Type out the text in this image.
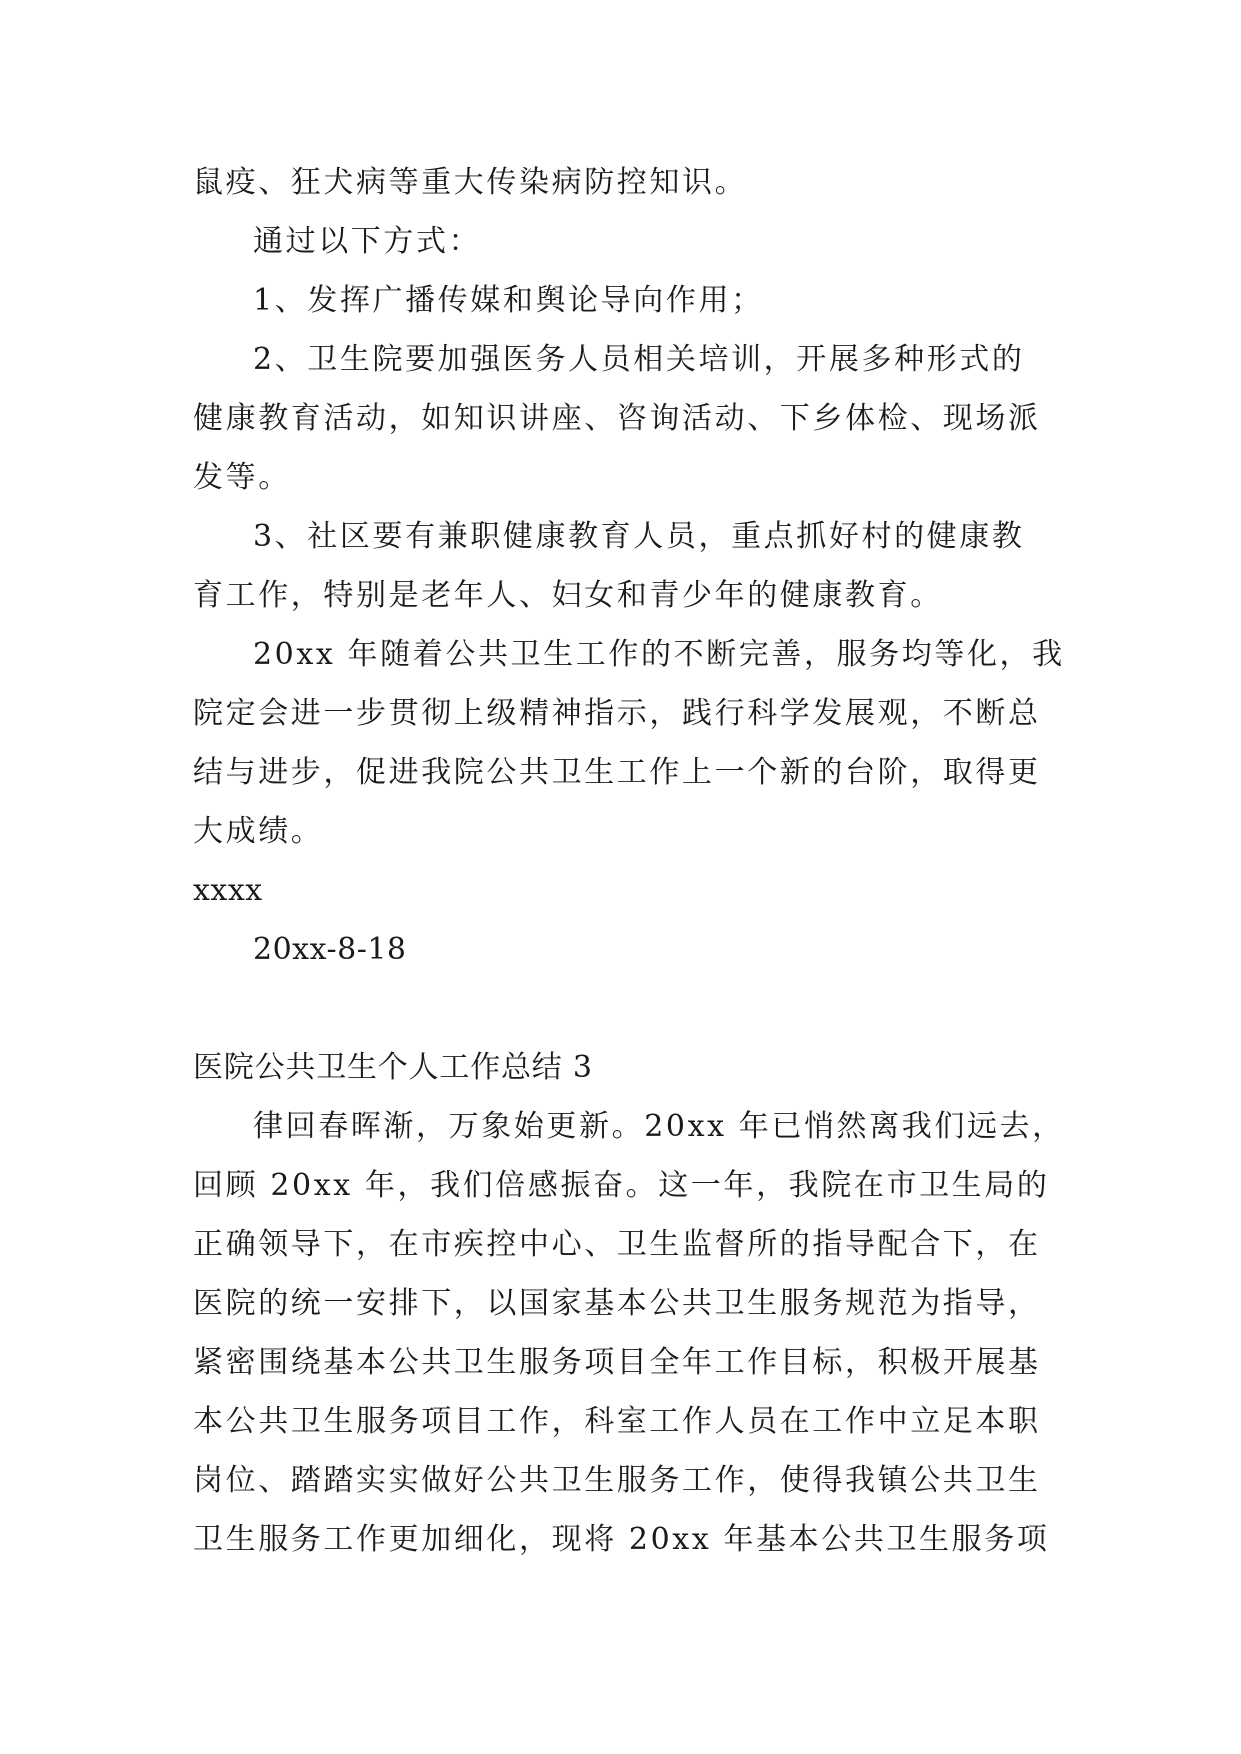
鼠疫、狂犬病等重大传染病防控知识。

通过以下方式：

1、发挥广播传媒和舆论导向作用；

2、卫生院要加强医务人员相关培训，开展多种形式的

健康教育活动，如知识讲座、咨询活动、下乡体检、现场派

发等。

3、社区要有兼职健康教育人员，重点抓好村的健康教

育工作，特别是老年人、妇女和青少年的健康教育。

20xx 年随着公共卫生工作的不断完善，服务均等化，我

院定会进一步贯彻上级精神指示，践行科学发展观，不断总

结与进步，促进我院公共卫生工作上一个新的台阶，取得更

大成绩。

xxxx

20xx-8-18

医院公共卫生个人工作总结 3

律回春晖渐，万象始更新。20xx 年已悄然离我们远去，

回顾 20xx 年，我们倍感振奋。这一年，我院在市卫生局的

正确领导下，在市疾控中心、卫生监督所的指导配合下，在

医院的统一安排下，以国家基本公共卫生服务规范为指导，

紧密围绕基本公共卫生服务项目全年工作目标，积极开展基

本公共卫生服务项目工作，科室工作人员在工作中立足本职

岗位、踏踏实实做好公共卫生服务工作，使得我镇公共卫生

卫生服务工作更加细化，现将 20xx 年基本公共卫生服务项
